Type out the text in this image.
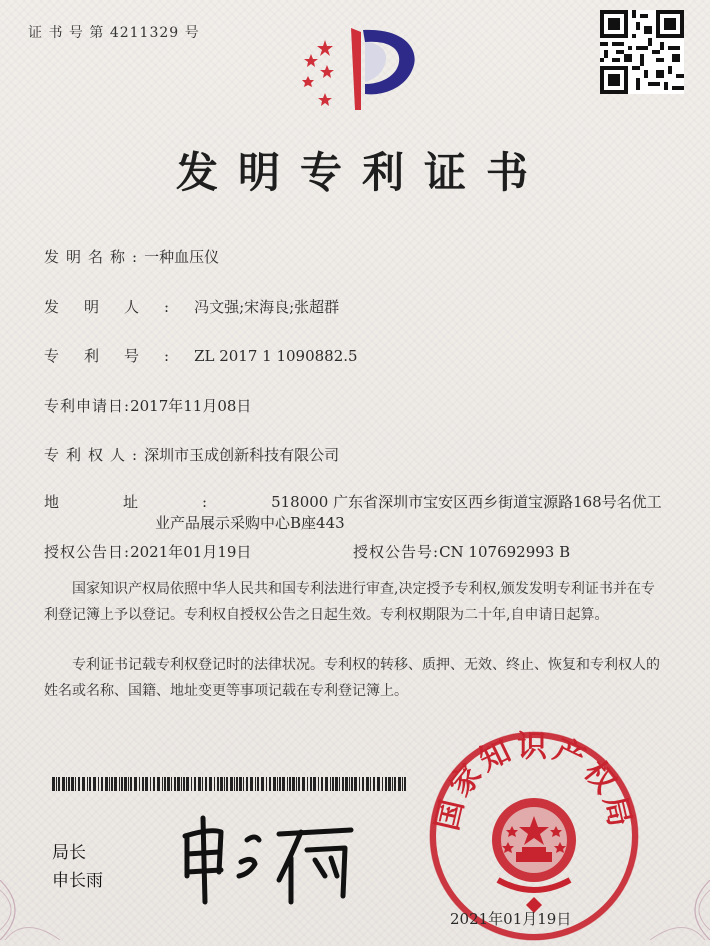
证 书 号 第 4211329 号
发明专利证书
发明名称:一种血压仪
发明人:冯文强;宋海良;张超群
专利号:ZL 2017 1 1090882.5
专利申请日:2017年11月08日
专利权人:深圳市玉成创新科技有限公司
地址:518000 广东省深圳市宝安区西乡街道宝源路168号名优工
业产品展示采购中心B座443
授权公告日:2021年01月19日	授权公告号:CN 107692993 B
国家知识产权局依照中华人民共和国专利法进行审查,决定授予专利权,颁发发明专利证书并在专利登记簿上予以登记。专利权自授权公告之日起生效。专利权期限为二十年,自申请日起算。
专利证书记载专利权登记时的法律状况。专利权的转移、质押、无效、终止、恢复和专利权人的姓名或名称、国籍、地址变更等事项记载在专利登记簿上。
局长
申长雨
国家知识产权局
2021年01月19日
